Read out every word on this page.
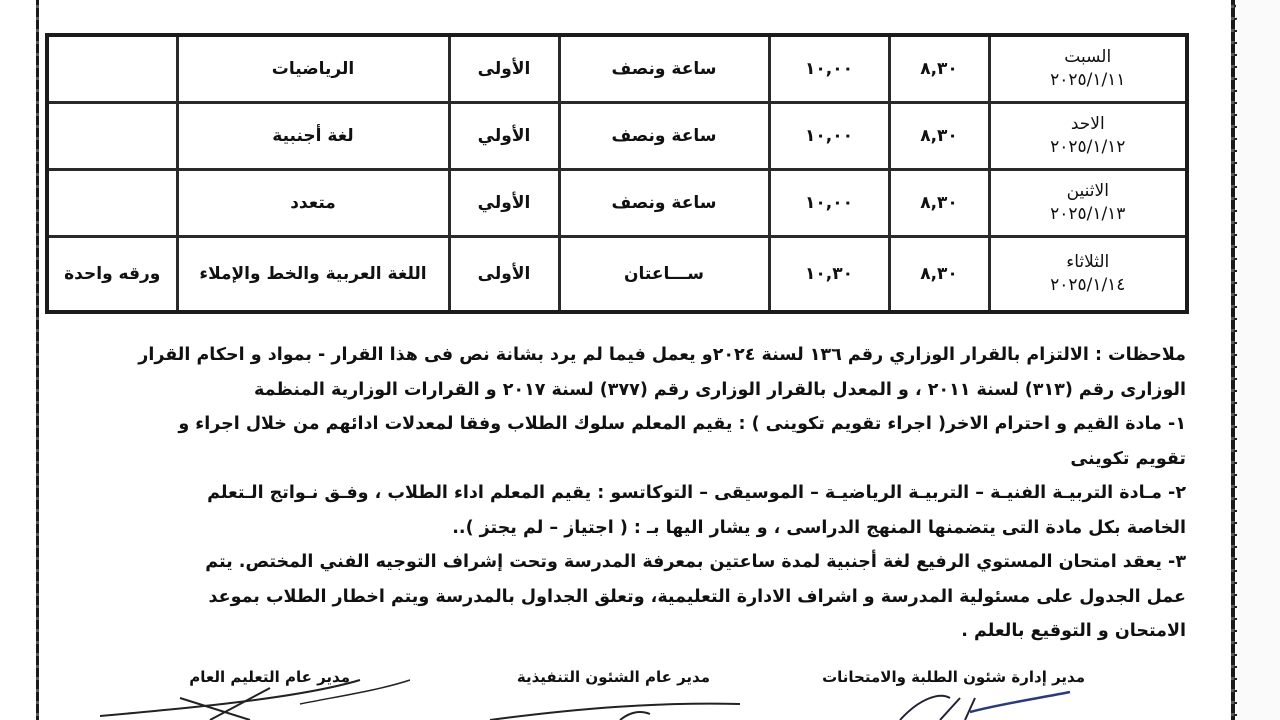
السبت
٢٠٢٥/١/١١	٨,٣٠	١٠,٠٠	ساعة ونصف	الأولى	الرياضيات	

الاحد
٢٠٢٥/١/١٢	٨,٣٠	١٠,٠٠	ساعة ونصف	الأولي	لغة أجنبية	

الاثنين
٢٠٢٥/١/١٣	٨,٣٠	١٠,٠٠	ساعة ونصف	الأولي	متعدد	

الثلاثاء
٢٠٢٥/١/١٤	٨,٣٠	١٠,٣٠	ســـاعتان	الأولى	اللغة العربية والخط والإملاء	ورقه واحدة
ملاحظات : الالتزام بالقرار الوزاري رقم ١٣٦ لسنة ٢٠٢٤و يعمل فيما لم يرد بشانة نص فى هذا القرار - بمواد و احكام القرار
الوزارى رقم (٣١٣) لسنة ٢٠١١ ، و المعدل بالقرار الوزارى رقم (٣٧٧) لسنة ٢٠١٧ و القرارات الوزارية المنظمة
١- مادة القيم و احترام الاخر( اجراء تقويم تكوينى ) : يقيم المعلم سلوك الطلاب وفقا لمعدلات ادائهم من خلال اجراء و
تقويم تكوينى
٢- مـادة التربيـة الفنيـة – التربيـة الرياضيـة – الموسيقى – التوكاتسو : يقيم المعلم اداء الطلاب ، وفـق نـواتج الـتعلم
الخاصة بكل مادة التى يتضمنها المنهج الدراسى ، و يشار اليها بـ : ( اجتياز – لم يجتز )..
٣- يعقد امتحان المستوي الرفيع لغة أجنبية لمدة ساعتين بمعرفة المدرسة وتحت إشراف التوجيه الفني المختص. يتم
عمل الجدول على مسئولية المدرسة و اشراف الادارة التعليمية، وتعلق الجداول بالمدرسة ويتم اخطار الطلاب بموعد
الامتحان و التوقيع بالعلم .
مدير إدارة شئون الطلبة والامتحانات
مدير عام الشئون التنفيذية
مدير عام التعليم العام
